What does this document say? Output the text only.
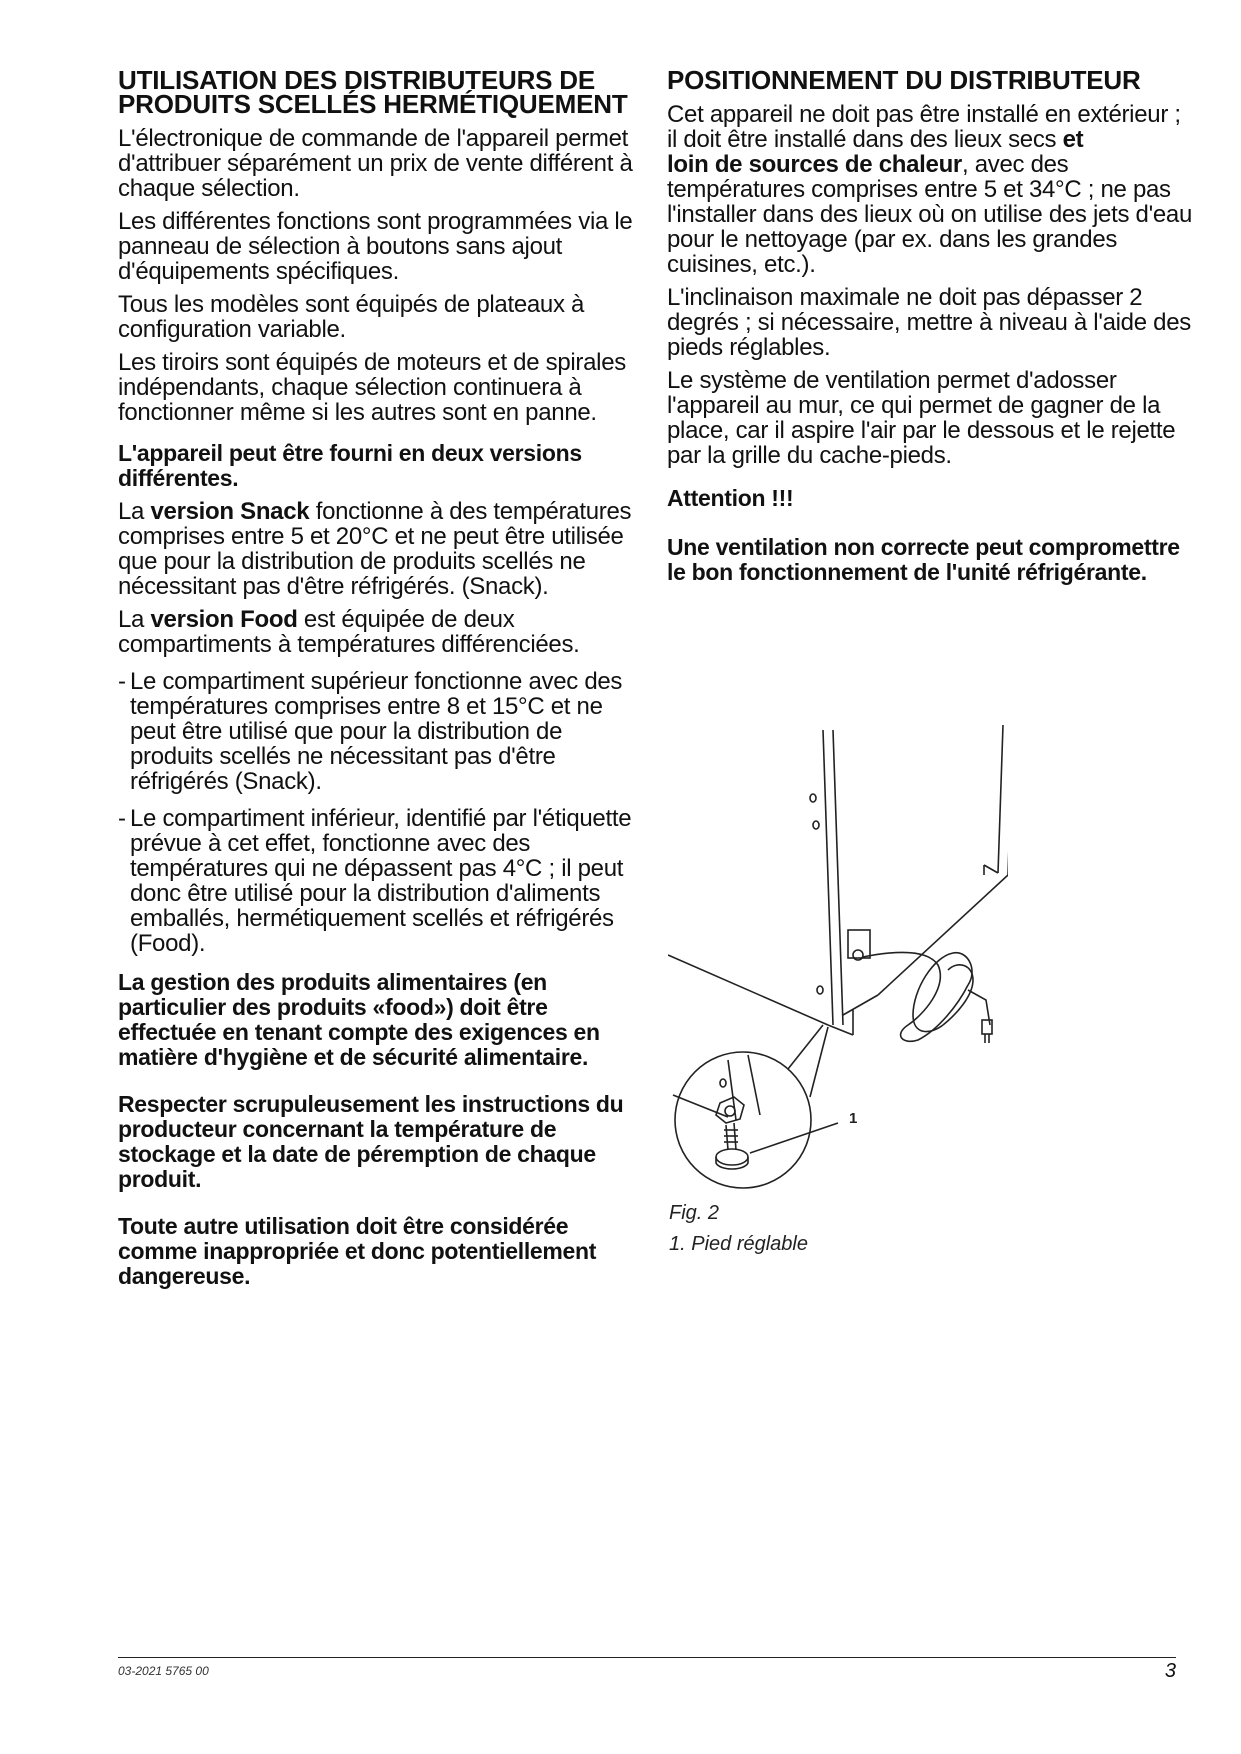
UTILISATION DES DISTRIBUTEURS DE PRODUITS SCELLÉS HERMÉTIQUEMENT

L'électronique de commande de l'appareil permet d'attribuer séparément un prix de vente différent à chaque sélection.

Les différentes fonctions sont programmées via le panneau de sélection à boutons sans ajout d'équipements spécifiques.

Tous les modèles sont équipés de plateaux à configuration variable.

Les tiroirs sont équipés de moteurs et de spirales indépendants, chaque sélection continuera à fonctionner même si les autres sont en panne.

L'appareil peut être fourni en deux versions différentes.

La version Snack fonctionne à des températures comprises entre 5 et 20°C et ne peut être utilisée que pour la distribution de produits scellés ne nécessitant pas d'être réfrigérés. (Snack).

La version Food est équipée de deux compartiments à températures différenciées.

- Le compartiment supérieur fonctionne avec des températures comprises entre 8 et 15°C et ne peut être utilisé que pour la distribution de produits scellés ne nécessitant pas d'être réfrigérés (Snack).
- Le compartiment inférieur, identifié par l'étiquette prévue à cet effet, fonctionne avec des températures qui ne dépassent pas 4°C ; il peut donc être utilisé pour la distribution d'aliments emballés, hermétiquement scellés et réfrigérés (Food).

La gestion des produits alimentaires (en particulier des produits «food») doit être effectuée en tenant compte des exigences en matière d'hygiène et de sécurité alimentaire.

Respecter scrupuleusement les instructions du producteur concernant la température de stockage et la date de péremption de chaque produit.

Toute autre utilisation doit être considérée comme inappropriée et donc potentiellement dangereuse.

POSITIONNEMENT DU DISTRIBUTEUR

Cet appareil ne doit pas être installé en extérieur ; il doit être installé dans des lieux secs et
loin de sources de chaleur, avec des températures comprises entre 5 et 34°C ; ne pas l'installer dans des lieux où on utilise des jets d'eau pour le nettoyage (par ex. dans les grandes cuisines, etc.).

L'inclinaison maximale ne doit pas dépasser 2 degrés ; si nécessaire, mettre à niveau à l'aide des pieds réglables.

Le système de ventilation permet d'adosser l'appareil au mur, ce qui permet de gagner de la place, car il aspire l'air par le dessous et le rejette par la grille du cache-pieds.

Attention !!!

Une ventilation non correcte peut compromettre le bon fonctionnement de l'unité réfrigérante.

1
Fig. 2
1. Pied réglable
03-2021 5765 00	3
